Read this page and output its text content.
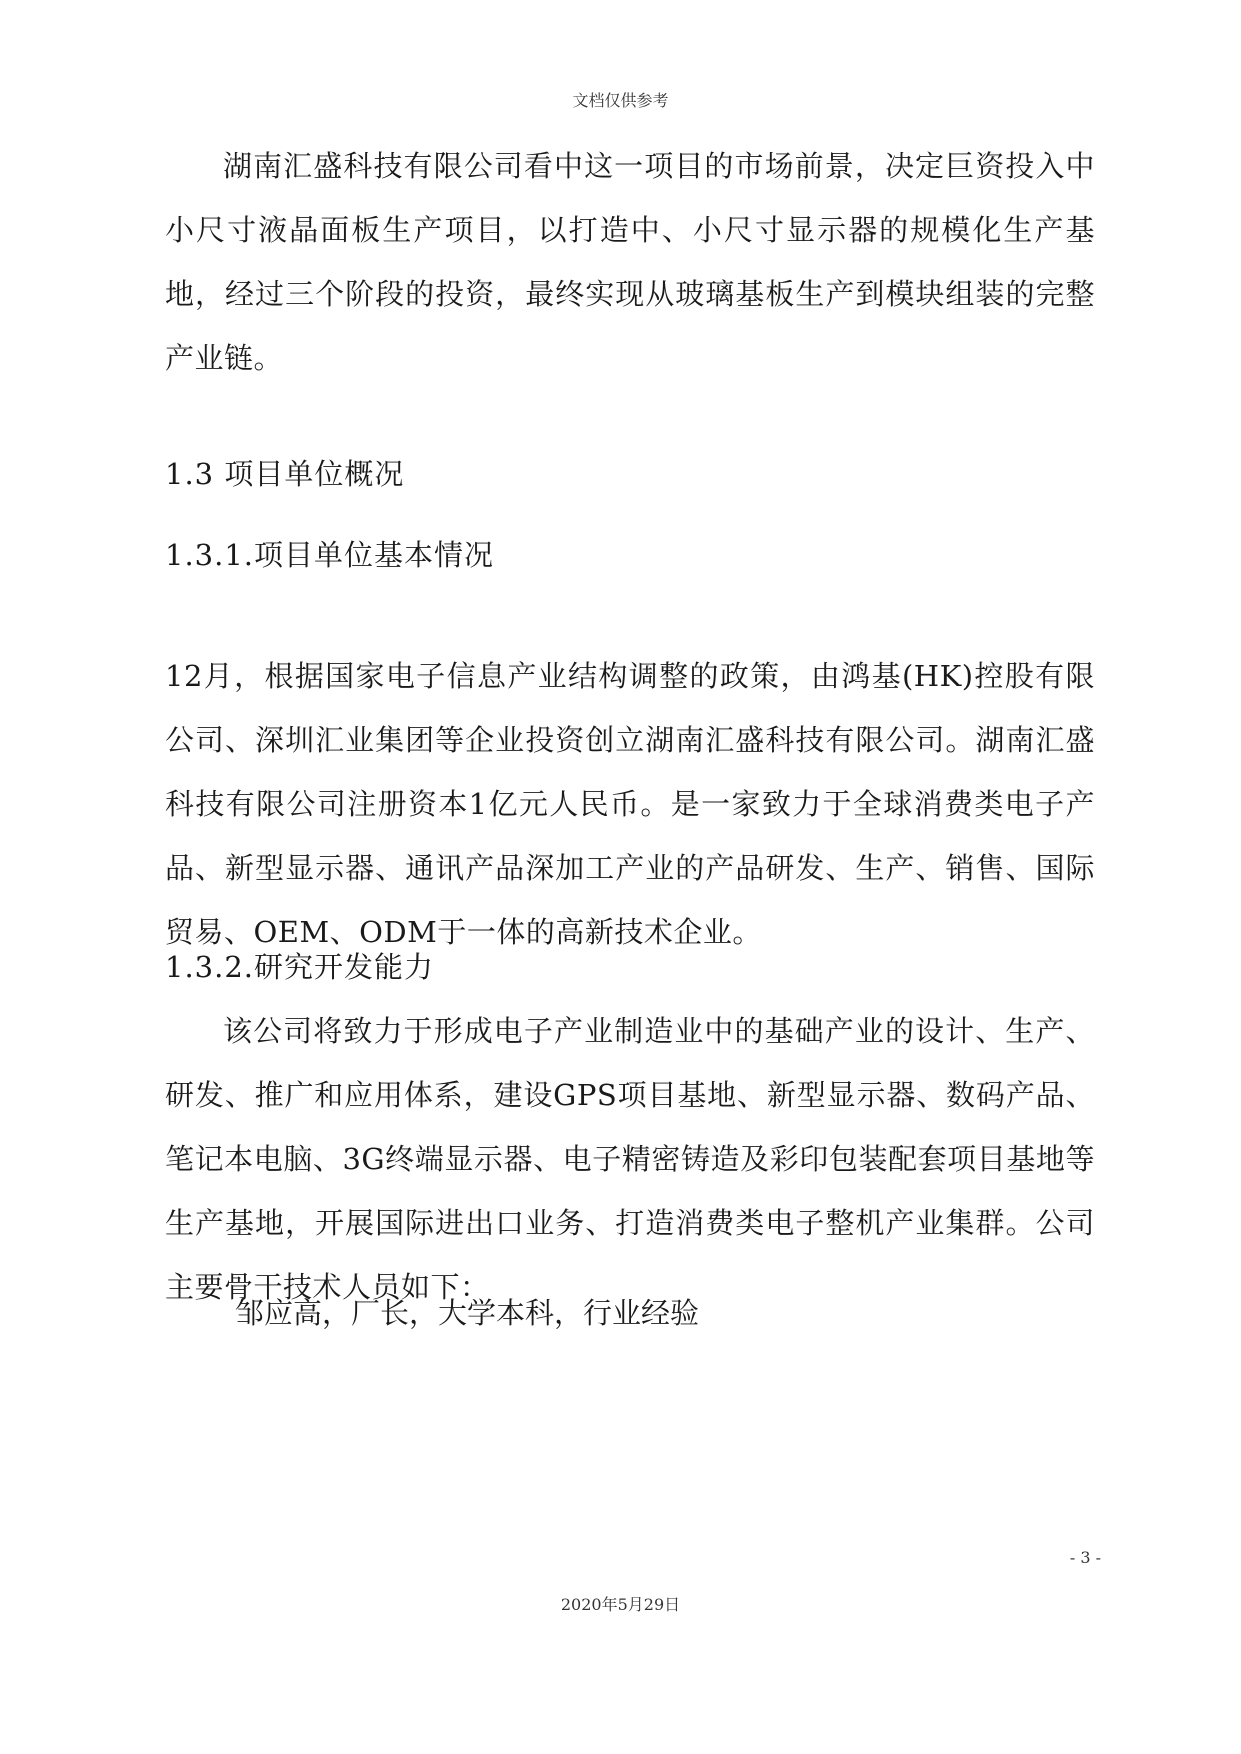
文档仅供参考

湖南汇盛科技有限公司看中这一项目的市场前景，决定巨资投入中小尺寸液晶面板生产项目，以打造中、小尺寸显示器的规模化生产基地，经过三个阶段的投资，最终实现从玻璃基板生产到模块组装的完整产业链。

1.3 项目单位概况

1.3.1.项目单位基本情况

12月，根据国家电子信息产业结构调整的政策，由鸿基(HK)控股有限公司、深圳汇业集团等企业投资创立湖南汇盛科技有限公司。湖南汇盛科技有限公司注册资本1亿元人民币。是一家致力于全球消费类电子产品、新型显示器、通讯产品深加工产业的产品研发、生产、销售、国际贸易、OEM、ODM于一体的高新技术企业。

1.3.2.研究开发能力

该公司将致力于形成电子产业制造业中的基础产业的设计、生产、研发、推广和应用体系，建设GPS项目基地、新型显示器、数码产品、笔记本电脑、3G终端显示器、电子精密铸造及彩印包装配套项目基地等生产基地，开展国际进出口业务、打造消费类电子整机产业集群。公司主要骨干技术人员如下：

邹应高，厂长，大学本科，行业经验

- 3 -
2020年5月29日
